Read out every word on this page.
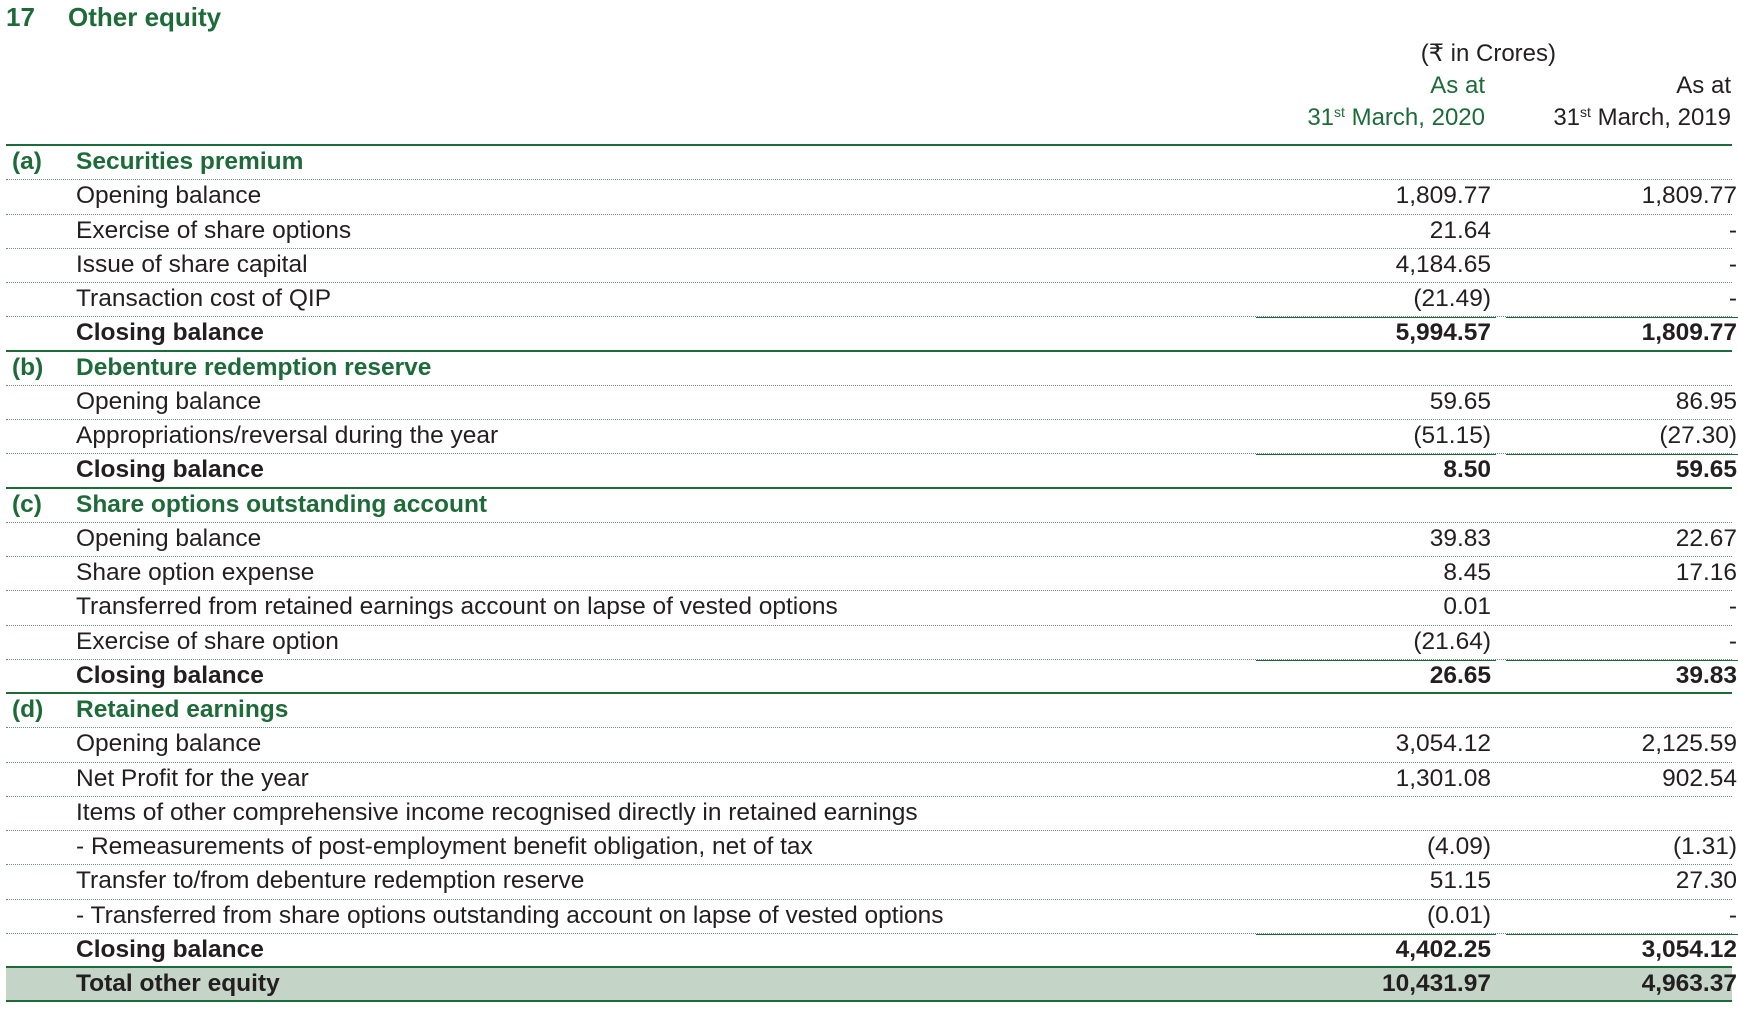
17	Other equity
(₹ in Crores)
As at
31st March, 2020
As at
31st March, 2019
(a) Securities premium
Opening balance	1,809.77	1,809.77
Exercise of share options	21.64	-
Issue of share capital	4,184.65	-
Transaction cost of QIP	(21.49)	-
Closing balance	5,994.57	1,809.77
(b) Debenture redemption reserve
Opening balance	59.65	86.95
Appropriations/reversal during the year	(51.15)	(27.30)
Closing balance	8.50	59.65
(c) Share options outstanding account
Opening balance	39.83	22.67
Share option expense	8.45	17.16
Transferred from retained earnings account on lapse of vested options	0.01	-
Exercise of share option	(21.64)	-
Closing balance	26.65	39.83
(d) Retained earnings
Opening balance	3,054.12	2,125.59
Net Profit for the year	1,301.08	902.54
Items of other comprehensive income recognised directly in retained earnings
- Remeasurements of post-employment benefit obligation, net of tax	(4.09)	(1.31)
Transfer to/from debenture redemption reserve	51.15	27.30
- Transferred from share options outstanding account on lapse of vested options	(0.01)	-
Closing balance	4,402.25	3,054.12
Total other equity	10,431.97	4,963.37
